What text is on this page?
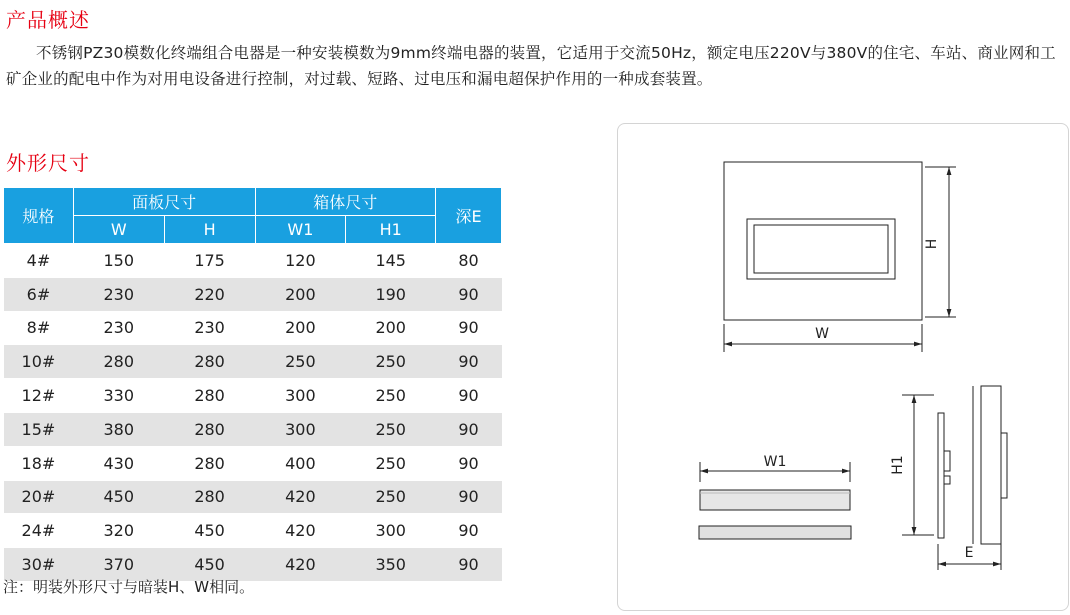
产品概述
不锈钢PZ30模数化终端组合电器是一种安装模数为9mm终端电器的装置，它适用于交流50Hz，额定电压220V与380V的住宅、车站、商业网和工矿企业的配电中作为对用电设备进行控制，对过载、短路、过电压和漏电超保护作用的一种成套装置。
外形尺寸
规格	面板尺寸		箱体尺寸		深E
	W	H	W1	H1	
4#	150	175	120	145	80
6#	230	220	200	190	90
8#	230	230	200	200	90
10#	280	280	250	250	90
12#	330	280	300	250	90
15#	380	280	300	250	90
18#	430	280	400	250	90
20#	450	280	420	250	90
24#	320	450	420	300	90
30#	370	450	420	350	90
注：明装外形尺寸与暗装H、W相同。
H
W
W1	H1
E
